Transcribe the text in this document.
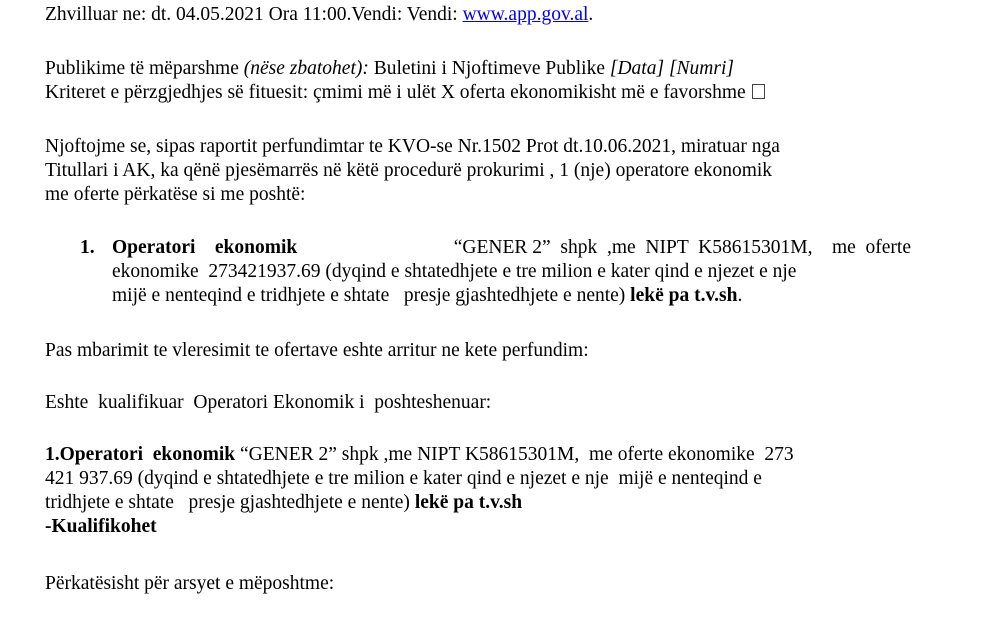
Zhvilluar ne: dt. 04.05.2021 Ora 11:00.Vendi: Vendi: www.app.gov.al.
Publikime të mëparshme (nëse zbatohet): Buletini i Njoftimeve Publike [Data] [Numri]
Kriteret e përzgjedhjes së fituesit: çmimi më i ulët X oferta ekonomikisht më e favorshme
Njoftojme se, sipas raportit perfundimtar te KVO-se Nr.1502 Prot dt.10.06.2021, miratuar nga
Titullari i AK, ka qënë pjesëmarrës në këtë procedurë prokurimi , 1 (nje) operatore ekonomik
me oferte përkatëse si me poshtë:
1. Operatori    ekonomik	“GENER 2”  shpk  ,me  NIPT  K58615301M,    me  oferte
ekonomike  273421937.69 (dyqind e shtatedhjete e tre milion e kater qind e njezet e nje
mijë e nenteqind e tridhjete e shtate   presje gjashtedhjete e nente) lekë pa t.v.sh.
Pas mbarimit te vleresimit te ofertave eshte arritur ne kete perfundim:
Eshte  kualifikuar  Operatori Ekonomik i  poshteshenuar:
1.Operatori  ekonomik “GENER 2” shpk ,me NIPT K58615301M,  me oferte ekonomike  273
421 937.69 (dyqind e shtatedhjete e tre milion e kater qind e njezet e nje  mijë e nenteqind e
tridhjete e shtate   presje gjashtedhjete e nente) lekë pa t.v.sh
-Kualifikohet
Përkatësisht për arsyet e mëposhtme:
